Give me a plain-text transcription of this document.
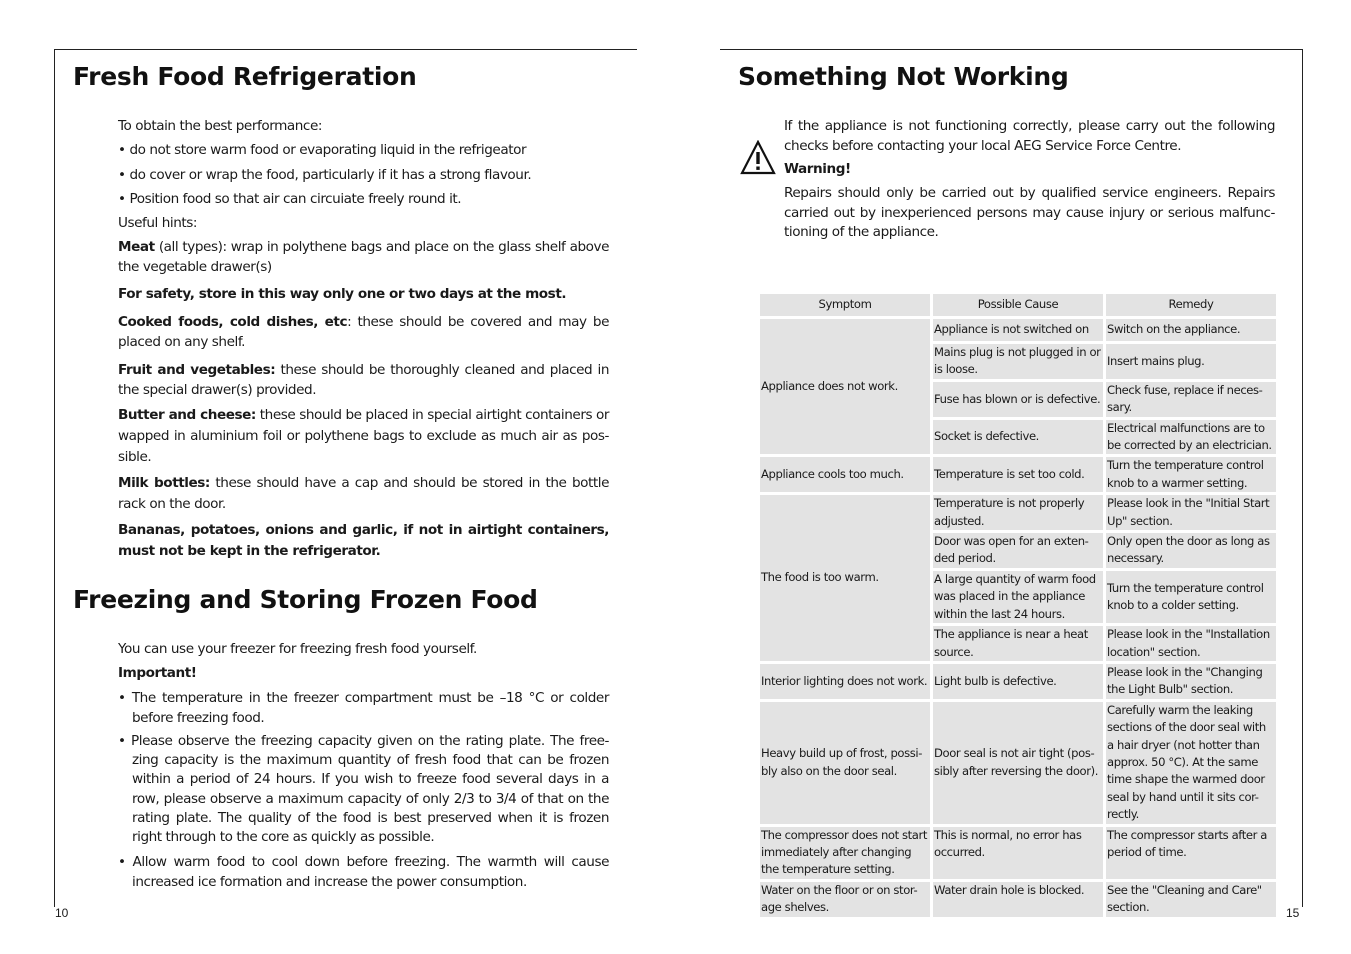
Fresh Food Refrigeration
To obtain the best performance:
• do not store warm food or evaporating liquid in the refrigeator
• do cover or wrap the food, particularly if it has a strong flavour.
• Position food so that air can circuiate freely round it.
Useful hints:
Meat (all types): wrap in polythene bags and place on the glass shelf above the vegetable drawer(s)
For safety, store in this way only one or two days at the most.
Cooked foods, cold dishes, etc: these should be covered and may be placed on any shelf.
Fruit and vegetables: these should be thoroughly cleaned and placed in the special drawer(s) provided.
Butter and cheese: these should be placed in special airtight containers or wapped in aluminium foil or polythene bags to exclude as much air as pos-sible.
Milk bottles: these should have a cap and should be stored in the bottle rack on the door.
Bananas, potatoes, onions and garlic, if not in airtight containers, must not be kept in the refrigerator.
Freezing and Storing Frozen Food
You can use your freezer for freezing fresh food yourself.
Important!
• The temperature in the freezer compartment must be –18 °C or colder before freezing food.
• Please observe the freezing capacity given on the rating plate. The free-zing capacity is the maximum quantity of fresh food that can be frozen within a period of 24 hours. If you wish to freeze food several days in a row, please observe a maximum capacity of only 2/3 to 3/4 of that on the rating plate. The quality of the food is best preserved when it is frozen right through to the core as quickly as possible.
• Allow warm food to cool down before freezing. The warmth will cause increased ice formation and increase the power consumption.
10
Something Not Working
If the appliance is not functioning correctly, please carry out the following checks before contacting your local AEG Service Force Centre.
Warning!
Repairs should only be carried out by qualified service engineers. Repairs carried out by inexperienced persons may cause injury or serious malfunc-tioning of the appliance.
Symptom	Possible Cause	Remedy
Appliance does not work.	Appliance is not switched on	Switch on the appliance.
	Mains plug is not plugged in or is loose.	Insert mains plug.
	Fuse has blown or is defective.	Check fuse, replace if neces-sary.
	Socket is defective.	Electrical malfunctions are to be corrected by an electrician.
Appliance cools too much.	Temperature is set too cold.	Turn the temperature control knob to a warmer setting.
The food is too warm.	Temperature is not properly adjusted.	Please look in the "Initial Start Up" section.
	Door was open for an exten-ded period.	Only open the door as long as necessary.
	A large quantity of warm food was placed in the appliance within the last 24 hours.	Turn the temperature control knob to a colder setting.
	The appliance is near a heat source.	Please look in the "Installation location" section.
Interior lighting does not work.	Light bulb is defective.	Please look in the "Changing the Light Bulb" section.
Heavy build up of frost, possi-bly also on the door seal.	Door seal is not air tight (pos-sibly after reversing the door).	Carefully warm the leaking sections of the door seal with a hair dryer (not hotter than approx. 50 °C). At the same time shape the warmed door seal by hand until it sits cor-rectly.
The compressor does not start immediately after changing the temperature setting.	This is normal, no error has occurred.	The compressor starts after a period of time.
Water on the floor or on stor-age shelves.	Water drain hole is blocked.	See the "Cleaning and Care" section.	15
